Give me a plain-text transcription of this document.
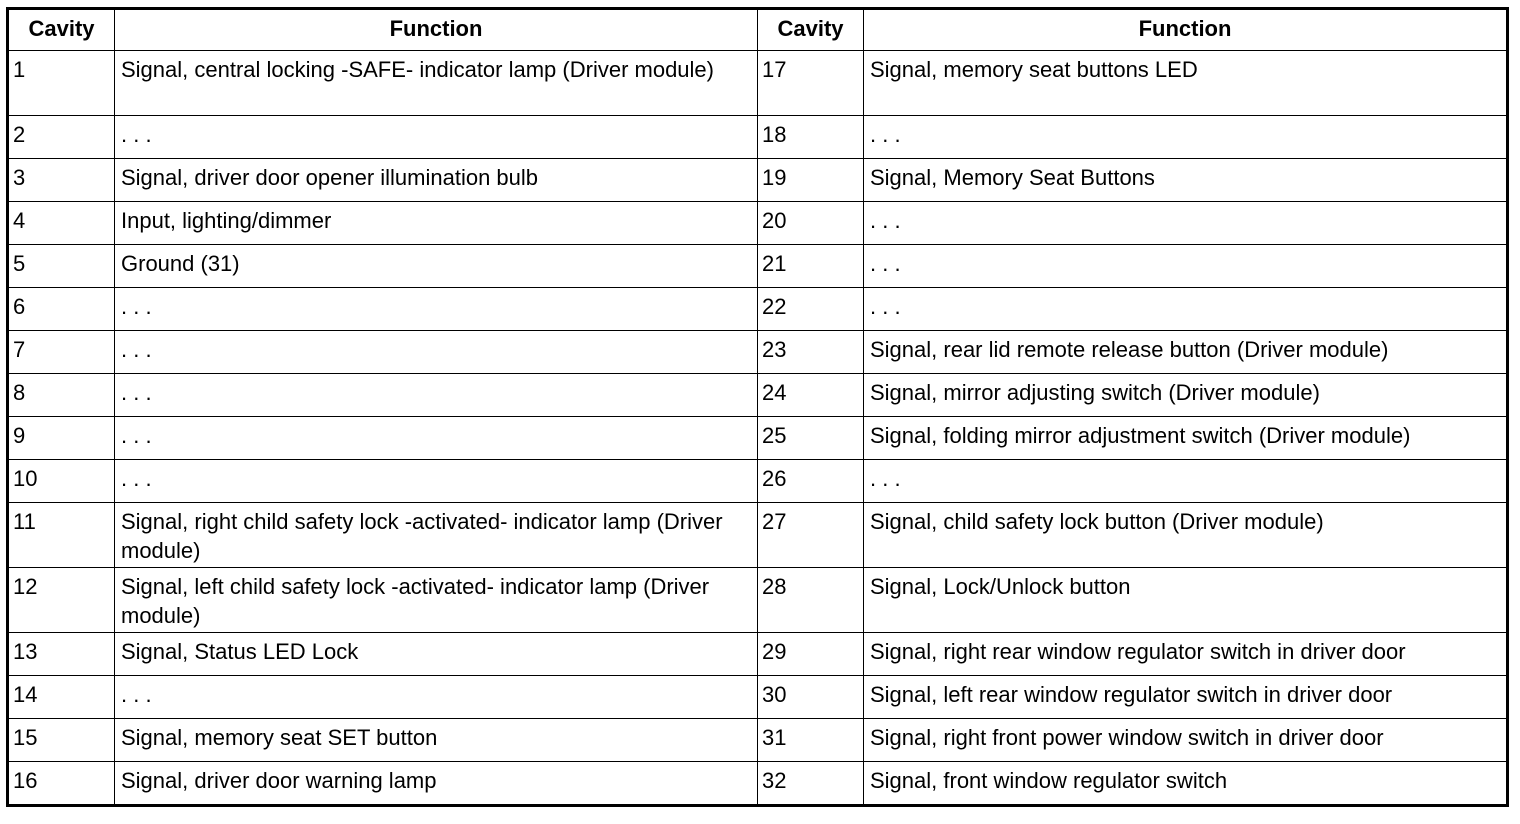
Cavity	Function	Cavity	Function
1	Signal, central locking -SAFE- indicator lamp (Driver module)	17	Signal, memory seat buttons LED
2	. . .	18	. . .
3	Signal, driver door opener illumination bulb	19	Signal, Memory Seat Buttons
4	Input, lighting/dimmer	20	. . .
5	Ground (31)	21	. . .
6	. . .	22	. . .
7	. . .	23	Signal, rear lid remote release button (Driver module)
8	. . .	24	Signal, mirror adjusting switch (Driver module)
9	. . .	25	Signal, folding mirror adjustment switch (Driver module)
10	. . .	26	. . .
11	Signal, right child safety lock -activated- indicator lamp (Driver module)	27	Signal, child safety lock button (Driver module)
12	Signal, left child safety lock -activated- indicator lamp (Driver module)	28	Signal, Lock/Unlock button
13	Signal, Status LED Lock	29	Signal, right rear window regulator switch in driver door
14	. . .	30	Signal, left rear window regulator switch in driver door
15	Signal, memory seat SET button	31	Signal, right front power window switch in driver door
16	Signal, driver door warning lamp	32	Signal, front window regulator switch
